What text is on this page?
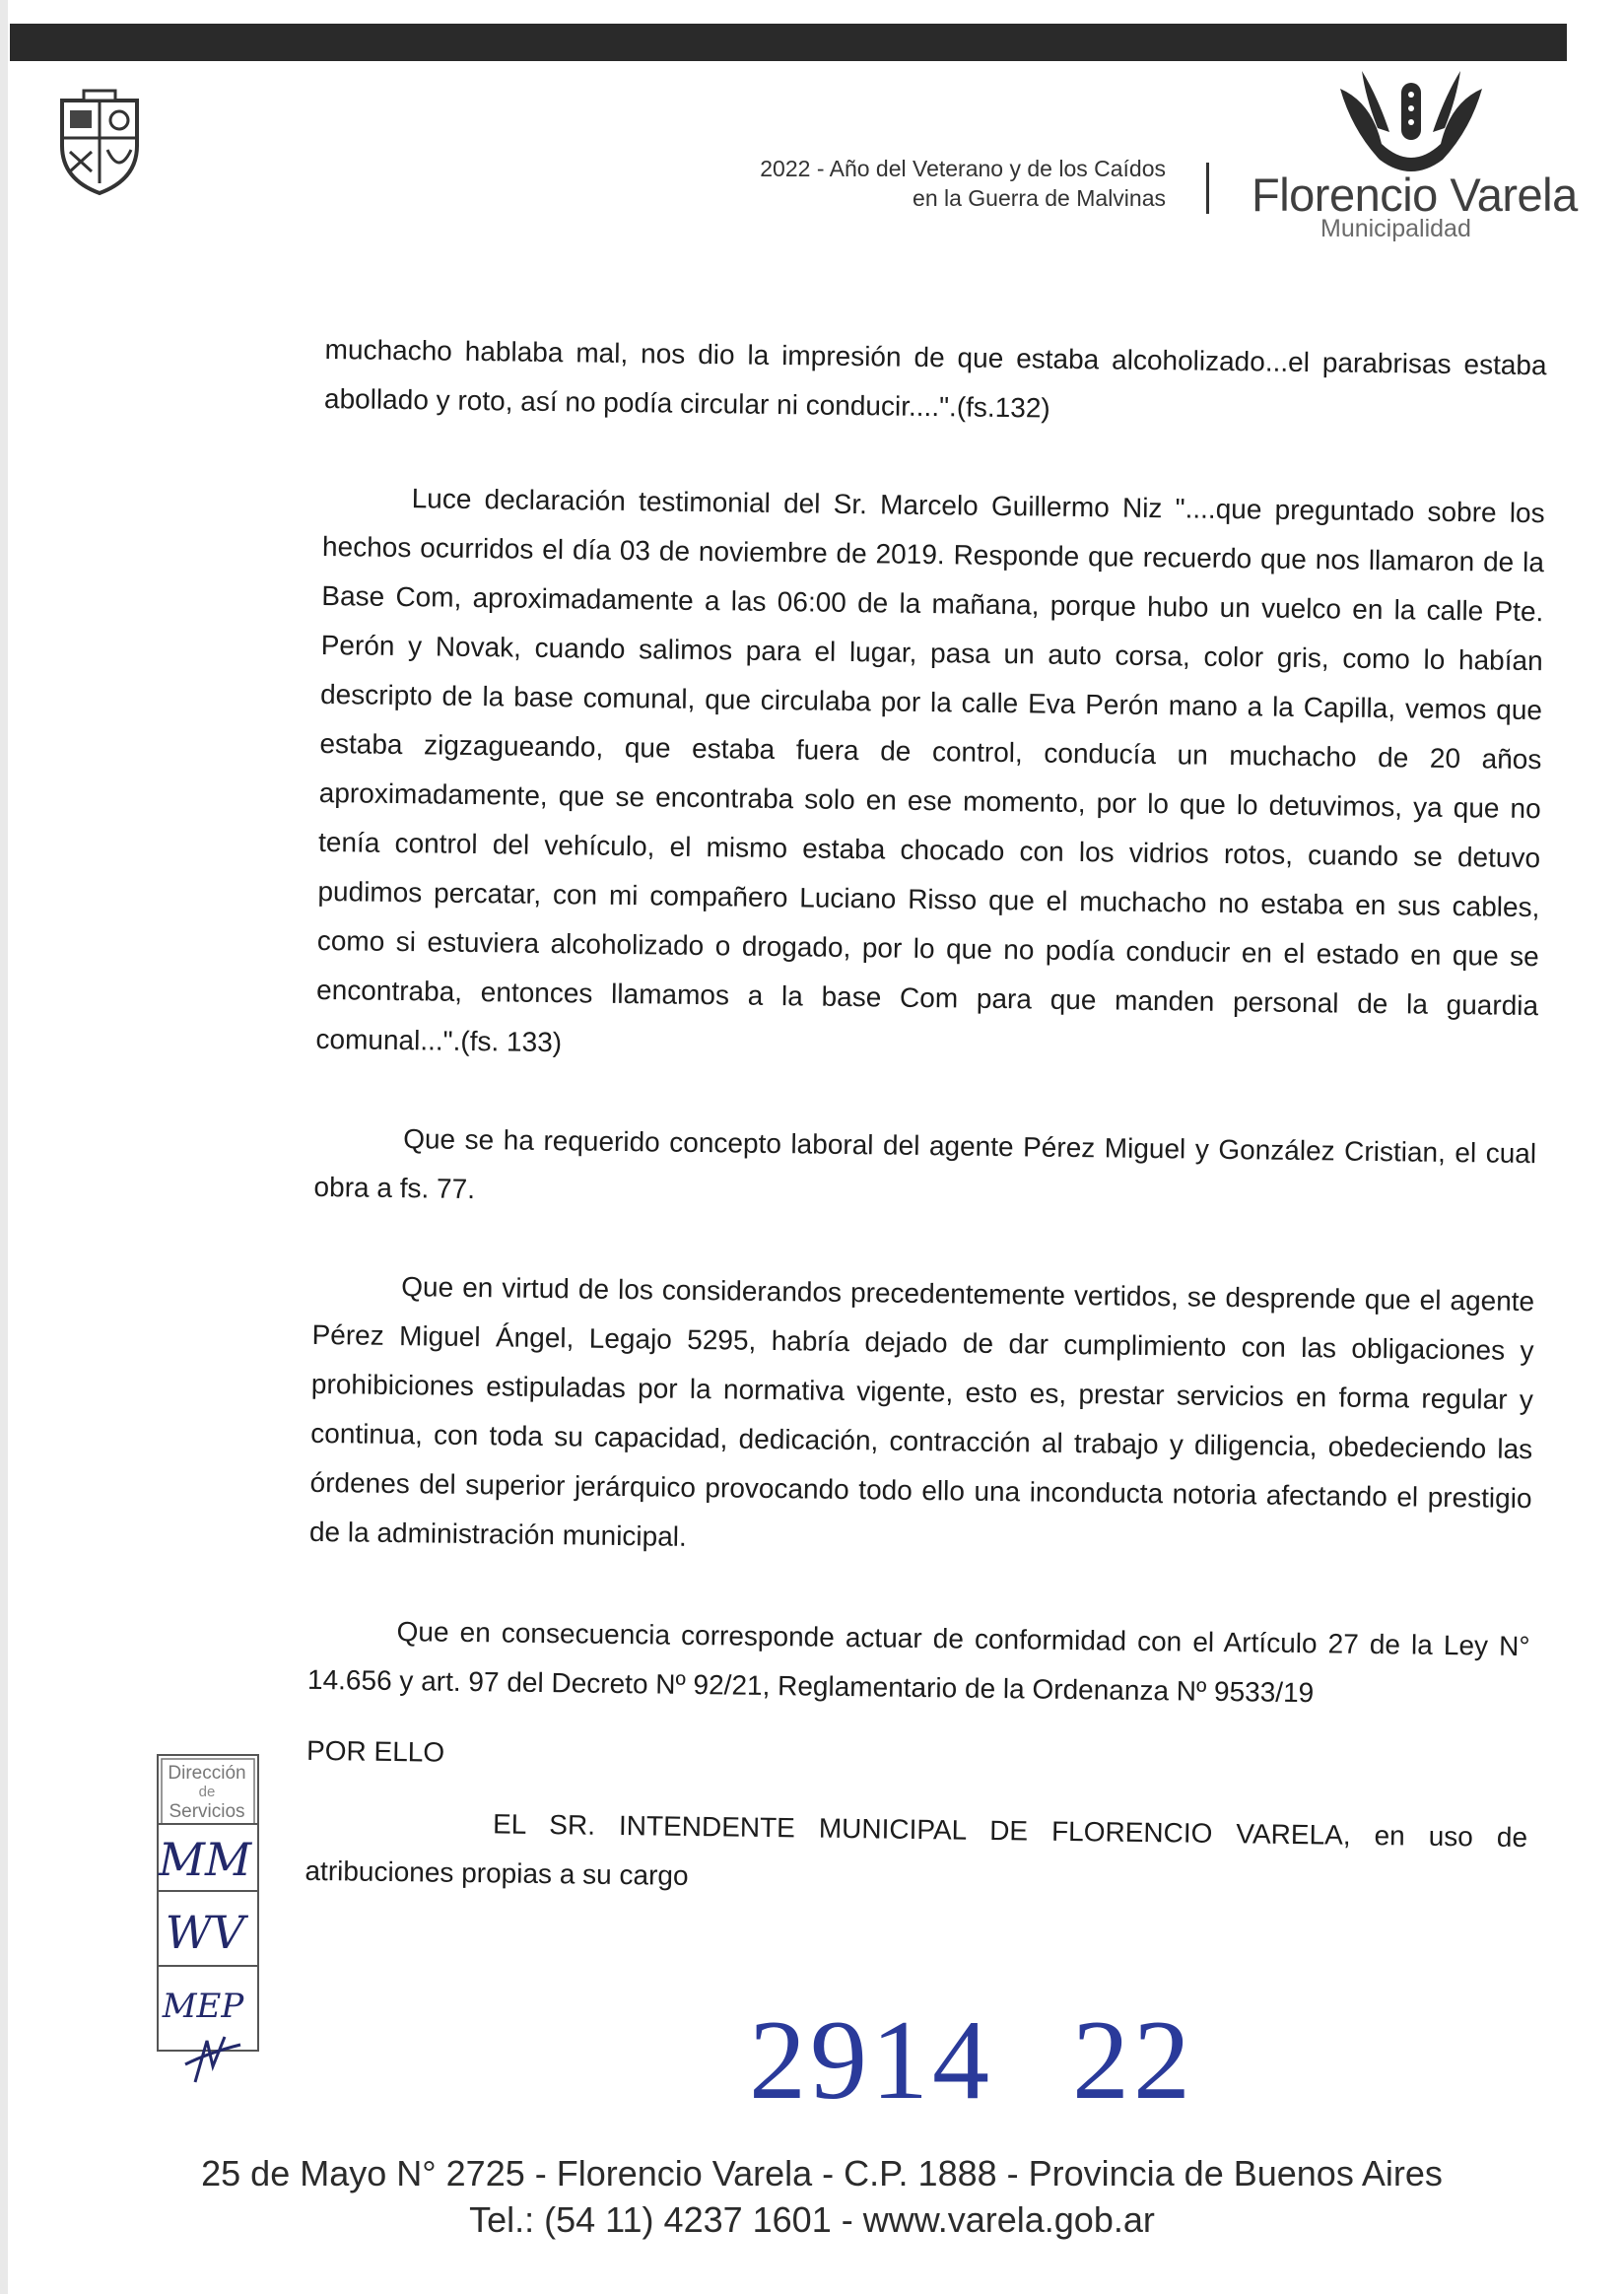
2022 - Año del Veterano y de los Caídos
en la Guerra de Malvinas Florencio Varela
Municipalidad

muchacho hablaba mal, nos dio la impresión de que estaba alcoholizado...el parabrisas estaba abollado y roto, así no podía circular ni conducir....".(fs.132)

Luce declaración testimonial del Sr. Marcelo Guillermo Niz "....que preguntado sobre los hechos ocurridos el día 03 de noviembre de 2019. Responde que recuerdo que nos llamaron de la Base Com, aproximadamente a las 06:00 de la mañana, porque hubo un vuelco en la calle Pte. Perón y Novak, cuando salimos para el lugar, pasa un auto corsa, color gris, como lo habían descripto de la base comunal, que circulaba por la calle Eva Perón mano a la Capilla, vemos que estaba zigzagueando, que estaba fuera de control, conducía un muchacho de 20 años aproximadamente, que se encontraba solo en ese momento, por lo que lo detuvimos, ya que no tenía control del vehículo, el mismo estaba chocado con los vidrios rotos, cuando se detuvo pudimos percatar, con mi compañero Luciano Risso que el muchacho no estaba en sus cables, como si estuviera alcoholizado o drogado, por lo que no podía conducir en el estado en que se encontraba, entonces llamamos a la base Com para que manden personal de la guardia comunal...".(fs. 133)

Que se ha requerido concepto laboral del agente Pérez Miguel y González Cristian, el cual obra a fs. 77.

Que en virtud de los considerandos precedentemente vertidos, se desprende que el agente Pérez Miguel Ángel, Legajo 5295, habría dejado de dar cumplimiento con las obligaciones y prohibiciones estipuladas por la normativa vigente, esto es, prestar servicios en forma regular y continua, con toda su capacidad, dedicación, contracción al trabajo y diligencia, obedeciendo las órdenes del superior jerárquico provocando todo ello una inconducta notoria afectando el prestigio de la administración municipal.

Que en consecuencia corresponde actuar de conformidad con el Artículo 27 de la Ley N° 14.656 y art. 97 del Decreto Nº 92/21, Reglamentario de la Ordenanza Nº 9533/19

POR ELLO

EL SR. INTENDENTE MUNICIPAL DE FLORENCIO VARELA, en uso de atribuciones propias a su cargo

Dirección
de
Servicios
MM
WV
MEP	2914 22
25 de Mayo N° 2725 - Florencio Varela - C.P. 1888 - Provincia de Buenos Aires
Tel.: (54 11) 4237 1601 - www.varela.gob.ar
